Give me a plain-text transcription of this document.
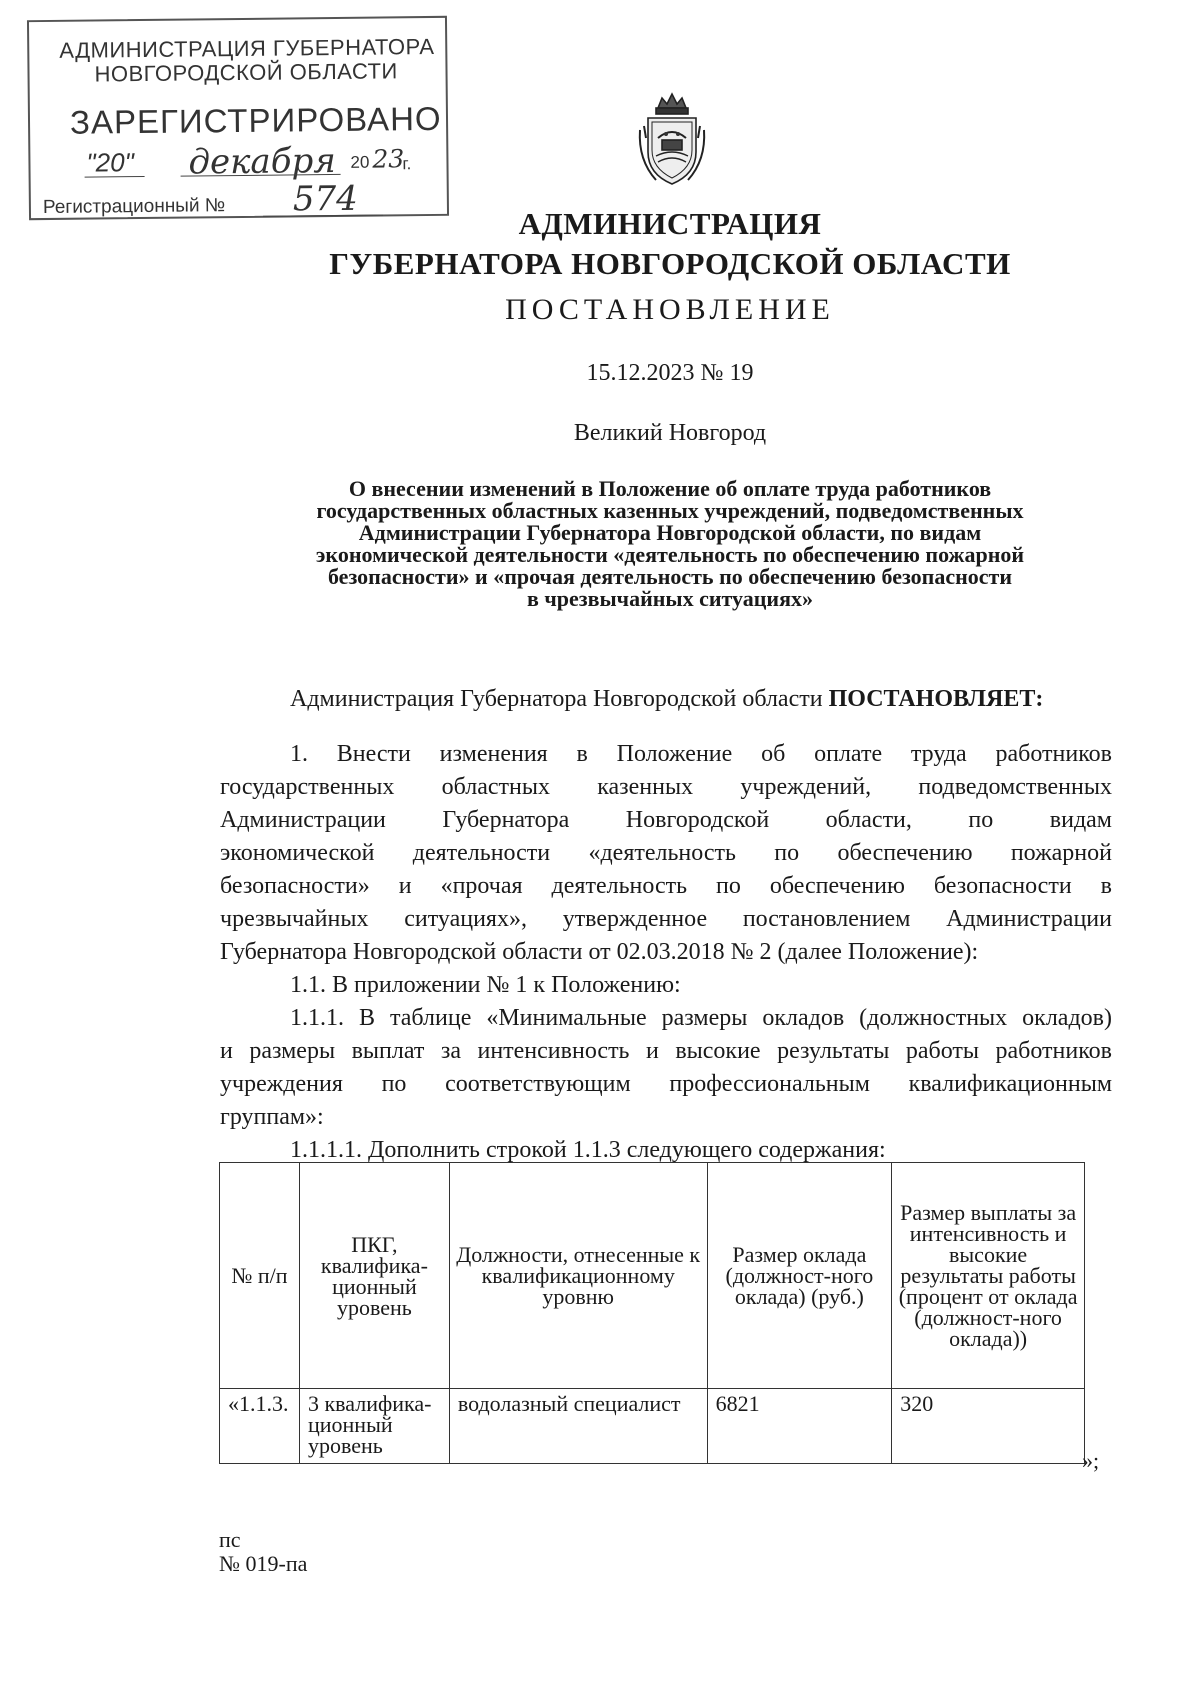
АДМИНИСТРАЦИЯ ГУБЕРНАТОРА
НОВГОРОДСКОЙ ОБЛАСТИ
ЗАРЕГИСТРИРОВАНО
"20" декабря 20 23
г.
Регистрационный № 574
АДМИНИСТРАЦИЯ
ГУБЕРНАТОРА НОВГОРОДСКОЙ ОБЛАСТИ
ПОСТАНОВЛЕНИЕ
15.12.2023 № 19
Великий Новгород
О внесении изменений в Положение об оплате труда работников
государственных областных казенных учреждений, подведомственных
Администрации Губернатора Новгородской области, по видам
экономической деятельности «деятельность по обеспечению пожарной
безопасности» и «прочая деятельность по обеспечению безопасности
в чрезвычайных ситуациях»
Администрация Губернатора Новгородской области ПОСТАНОВЛЯЕТ:
1. Внести изменения в Положение об оплате труда работников
государственных областных казенных учреждений, подведомственных
Администрации Губернатора Новгородской области, по видам
экономической деятельности «деятельность по обеспечению пожарной
безопасности» и «прочая деятельность по обеспечению безопасности в
чрезвычайных ситуациях», утвержденное постановлением Администрации
Губернатора Новгородской области от 02.03.2018 № 2 (далее Положение):
1.1. В приложении № 1 к Положению:
1.1.1. В таблице «Минимальные размеры окладов (должностных окладов)
и размеры выплат за интенсивность и высокие результаты работы работников
учреждения по соответствующим профессиональным квалификационным
группам»:
1.1.1.1. Дополнить строкой 1.1.3 следующего содержания:
№ п/п	ПКГ, квалифика-ционный уровень	Должности, отнесенные к квалификационному уровню	Размер оклада (должност-ного оклада) (руб.)	Размер выплаты за интенсивность и высокие результаты работы (процент от оклада (должност-ного оклада))
«1.1.3.	3 квалифика-ционный уровень	водолазный специалист	6821	320
»;
пс
№ 019-па
